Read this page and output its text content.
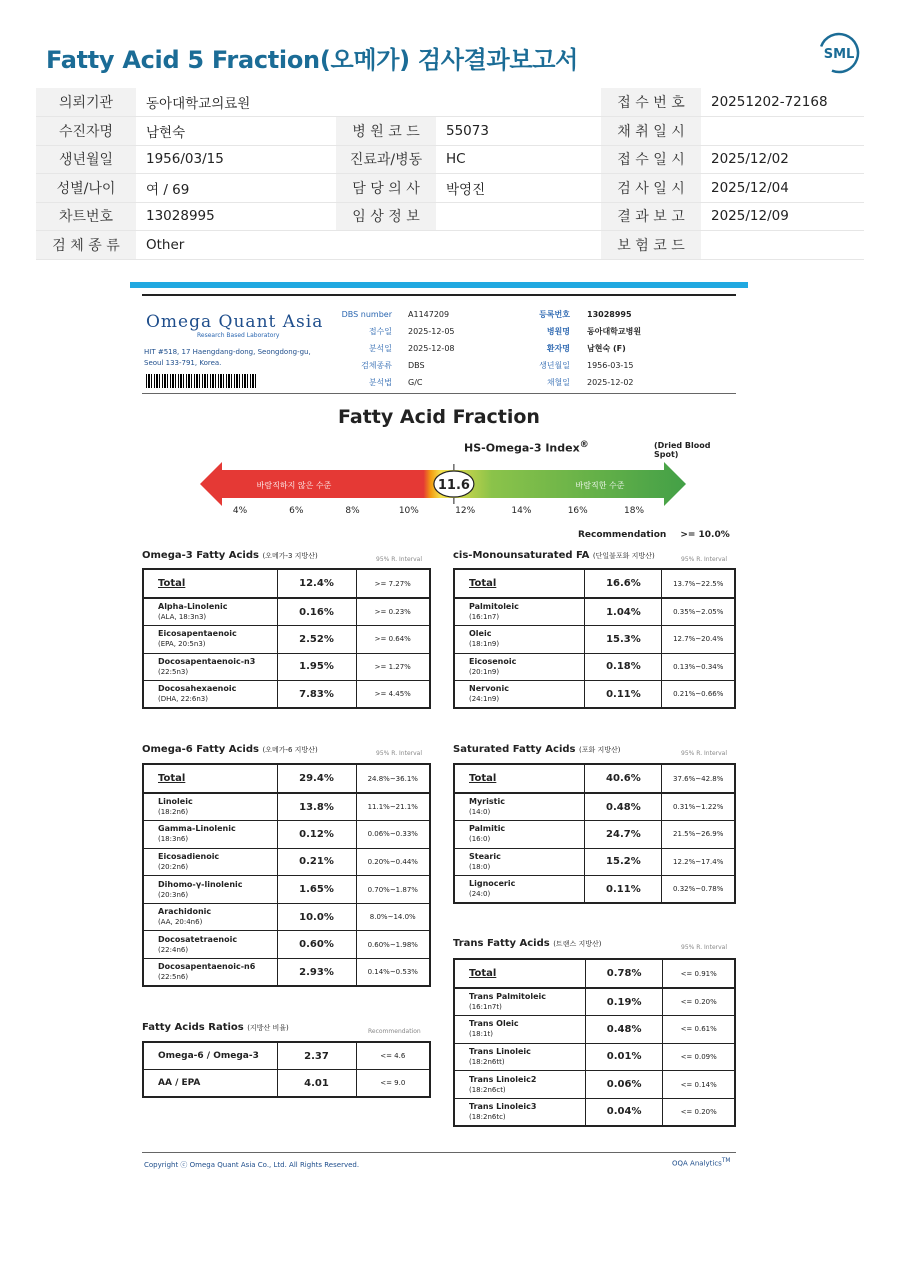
Fatty Acid 5 Fraction(오메가) 검사결과보고서	SML
의뢰기관	동아대학교의료원			접 수 번 호	20251202-72168
수진자명	남현숙	병 원 코 드	55073	채 취 일 시	
생년월일	1956/03/15	진료과/병동	HC	접 수 일 시	2025/12/02
성별/나이	여 / 69	담 당 의 사	박영진	검 사 일 시	2025/12/04
차트번호	13028995	임 상 정 보		결 과 보 고	2025/12/09
검 체 종 류	Other			보 험 코 드	
Omega Quant Asia
Research Based Laboratory
HIT #518, 17 Haengdang-dong, Seongdong-gu,
Seoul 133-791, Korea.
DBS number A1147209
접수일 2025-12-05
분석일 2025-12-08
검체종류 DBS
분석법 G/C
등록번호 13028995
병원명 동아대학교병원
환자명 남현숙 (F)
생년월일 1956-03-15
채혈일 2025-12-02
Fatty Acid Fraction
HS-Omega-3 Index®	(Dried Blood Spot)
바람직하지 않은 수준	바람직한 수준
11.6
4%	6%	8%	10%	12%	14%	16%	18%
Recommendation >= 10.0%
Omega-3 Fatty Acids (오메가-3 지방산)	95% R. Interval
Total	12.4%	>= 7.27%

Alpha-Linolenic
(ALA, 18:3n3)	0.16%	>= 0.23%

Eicosapentaenoic
(EPA, 20:5n3)	2.52%	>= 0.64%

Docosapentaenoic-n3
(22:5n3)	1.95%	>= 1.27%

Docosahexaenoic
(DHA, 22:6n3)	7.83%	>= 4.45%
cis-Monounsaturated FA (단일불포화 지방산)	95% R. Interval
Total	16.6%	13.7%~22.5%

Palmitoleic
(16:1n7)	1.04%	0.35%~2.05%

Oleic
(18:1n9)	15.3%	12.7%~20.4%

Eicosenoic
(20:1n9)	0.18%	0.13%~0.34%

Nervonic
(24:1n9)	0.11%	0.21%~0.66%
Omega-6 Fatty Acids (오메가-6 지방산)	95% R. Interval
Total	29.4%	24.8%~36.1%

Linoleic
(18:2n6)	13.8%	11.1%~21.1%

Gamma-Linolenic
(18:3n6)	0.12%	0.06%~0.33%

Eicosadienoic
(20:2n6)	0.21%	0.20%~0.44%

Dihomo-γ-linolenic
(20:3n6)	1.65%	0.70%~1.87%

Arachidonic
(AA, 20:4n6)	10.0%	8.0%~14.0%

Docosatetraenoic
(22:4n6)	0.60%	0.60%~1.98%

Docosapentaenoic-n6
(22:5n6)	2.93%	0.14%~0.53%
Saturated Fatty Acids (포화 지방산)	95% R. Interval
Total	40.6%	37.6%~42.8%

Myristic
(14:0)	0.48%	0.31%~1.22%

Palmitic
(16:0)	24.7%	21.5%~26.9%

Stearic
(18:0)	15.2%	12.2%~17.4%

Lignoceric
(24:0)	0.11%	0.32%~0.78%
Trans Fatty Acids (트랜스 지방산)	95% R. Interval
Total	0.78%	<= 0.91%

Trans Palmitoleic
(16:1n7t)	0.19%	<= 0.20%

Trans Oleic
(18:1t)	0.48%	<= 0.61%

Trans Linoleic
(18:2n6tt)	0.01%	<= 0.09%

Trans Linoleic2
(18:2n6ct)	0.06%	<= 0.14%

Trans Linoleic3
(18:2n6tc)	0.04%	<= 0.20%
Fatty Acids Ratios (지방산 비율)	Recommendation
Omega-6 / Omega-3	2.37	<= 4.6
AA / EPA	4.01	<= 9.0
Copyright ⓒ Omega Quant Asia Co., Ltd. All Rights Reserved.	OQA Analytics™
